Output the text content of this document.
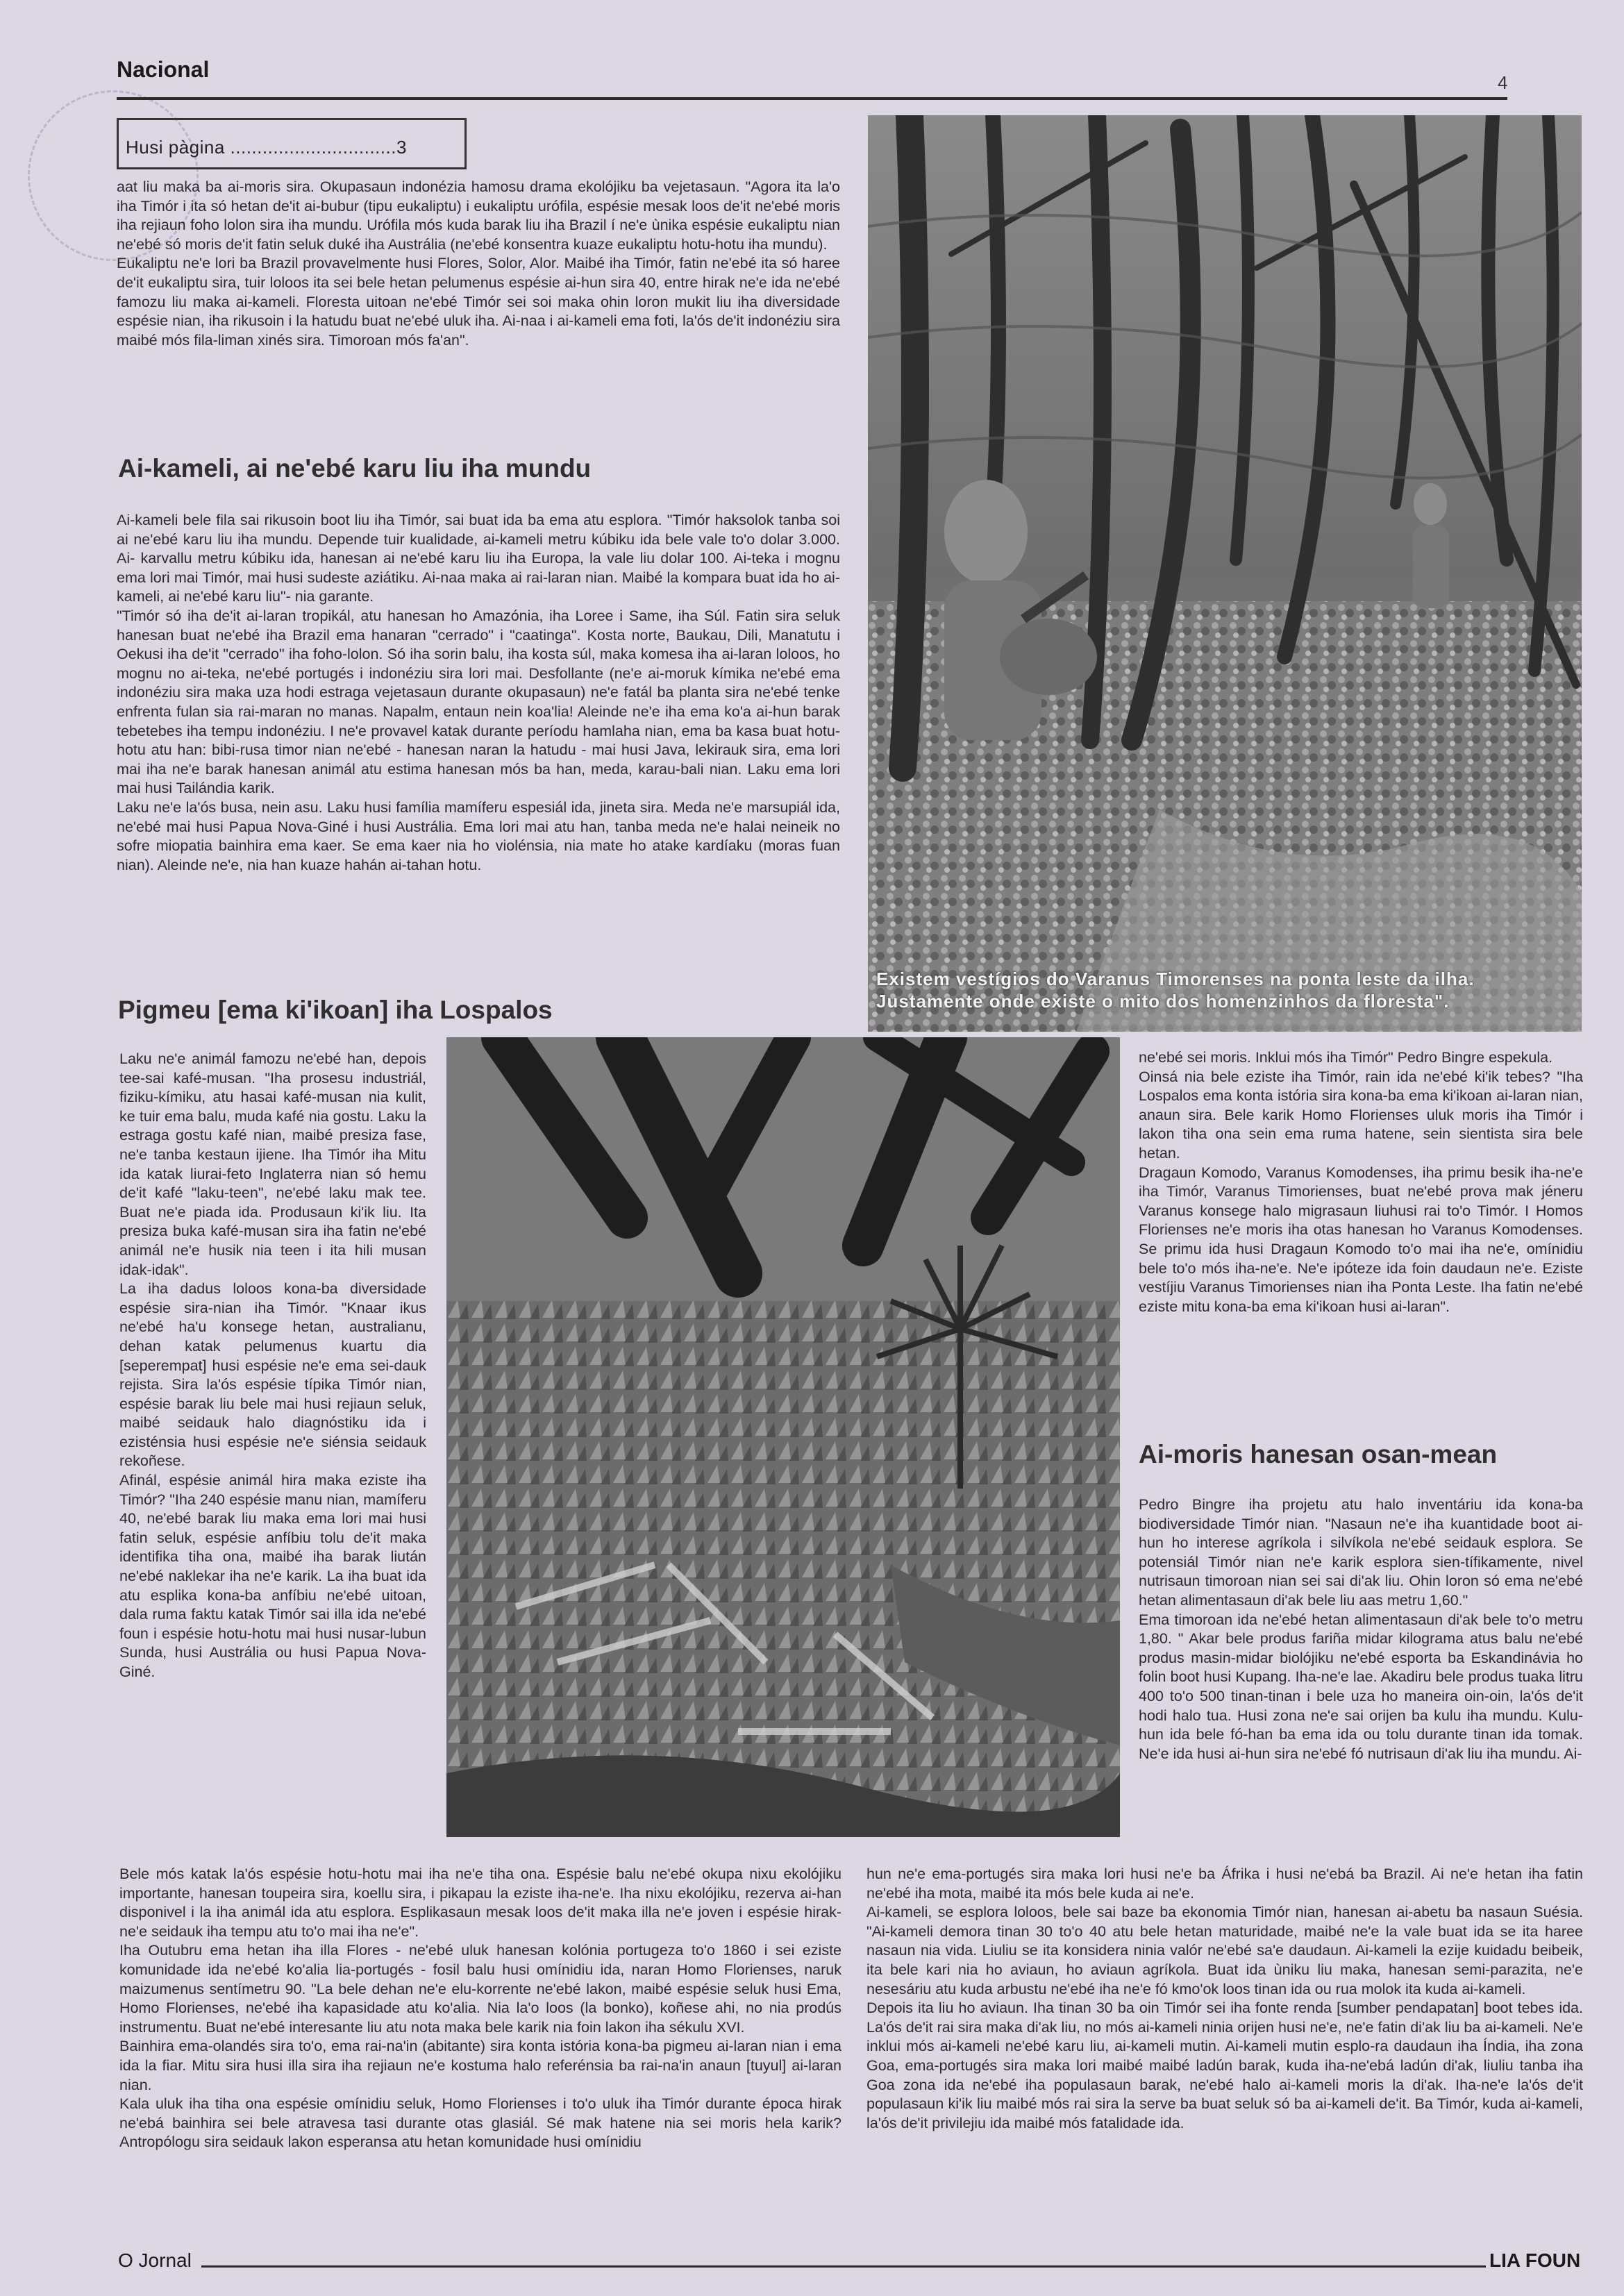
Nacional
4
Husi pàgina ...............................3

aat liu maka ba ai-moris sira. Okupasaun indonézia hamosu drama ekolójiku ba vejetasaun. "Agora ita la'o iha Timór i ita só hetan de'it ai-bubur (tipu eukaliptu) i eukaliptu urófila, espésie mesak loos de'it ne'ebé moris iha rejiaun foho lolon sira iha mundu. Urófila mós kuda barak liu iha Brazil í ne'e ùnika espésie eukaliptu nian ne'ebé só moris de'it fatin seluk duké iha Austrália (ne'ebé konsentra kuaze eukaliptu hotu-hotu iha mundu).

Eukaliptu ne'e lori ba Brazil provavelmente husi Flores, Solor, Alor. Maibé iha Timór, fatin ne'ebé ita só haree de'it eukaliptu sira, tuir loloos ita sei bele hetan pelumenus espésie ai-hun sira 40, entre hirak ne'e ida ne'ebé famozu liu maka ai-kameli. Floresta uitoan ne'ebé Timór sei soi maka ohin loron mukit liu iha diversidade espésie nian, iha rikusoin i la hatudu buat ne'ebé uluk iha. Ai-naa i ai-kameli ema foti, la'ós de'it indonéziu sira maibé mós fila-liman xinés sira. Timoroan mós fa'an".

Ai-kameli, ai ne'ebé karu liu iha mundu

Ai-kameli bele fila sai rikusoin boot liu iha Timór, sai buat ida ba ema atu esplora. "Timór haksolok tanba soi ai ne'ebé karu liu iha mundu. Depende tuir kualidade, ai-kameli metru kúbiku ida bele vale to'o dolar 3.000. Ai- karvallu metru kúbiku ida, hanesan ai ne'ebé karu liu iha Europa, la vale liu dolar 100. Ai-teka i mognu ema lori mai Timór, mai husi sudeste aziátiku. Ai-naa maka ai rai-laran nian. Maibé la kompara buat ida ho ai-kameli, ai ne'ebé karu liu"- nia garante.

"Timór só iha de'it ai-laran tropikál, atu hanesan ho Amazónia, iha Loree i Same, iha Súl. Fatin sira seluk hanesan buat ne'ebé iha Brazil ema hanaran "cerrado" i "caatinga". Kosta norte, Baukau, Dili, Manatutu i Oekusi iha de'it "cerrado" iha foho-lolon. Só iha sorin balu, iha kosta súl, maka komesa iha ai-laran loloos, ho mognu no ai-teka, ne'ebé portugés i indonéziu sira lori mai. Desfollante (ne'e ai-moruk kímika ne'ebé ema indonéziu sira maka uza hodi estraga vejetasaun durante okupasaun) ne'e fatál ba planta sira ne'ebé tenke enfrenta fulan sia rai-maran no manas. Napalm, entaun nein koa'lia! Aleinde ne'e iha ema ko'a ai-hun barak tebetebes iha tempu indonéziu. I ne'e provavel katak durante períodu hamlaha nian, ema ba kasa buat hotu-hotu atu han: bibi-rusa timor nian ne'ebé - hanesan naran la hatudu - mai husi Java, lekirauk sira, ema lori mai iha ne'e barak hanesan animál atu estima hanesan mós ba han, meda, karau-bali nian. Laku ema lori mai husi Tailándia karik.

Laku ne'e la'ós busa, nein asu. Laku husi família mamíferu espesiál ida, jineta sira. Meda ne'e marsupiál ida, ne'ebé mai husi Papua Nova-Giné i husi Austrália. Ema lori mai atu han, tanba meda ne'e halai neineik no sofre miopatia bainhira ema kaer. Se ema kaer nia ho violénsia, nia mate ho atake kardíaku (moras fuan nian). Aleinde ne'e, nia han kuaze hahán ai-tahan hotu.

Pigmeu [ema ki'ikoan] iha Lospalos

Laku ne'e animál famozu ne'ebé han, depois tee-sai kafé-musan. "Iha prosesu industriál, fiziku-kímiku, atu hasai kafé-musan nia kulit, ke tuir ema balu, muda kafé nia gostu. Laku la estraga gostu kafé nian, maibé presiza fase, ne'e tanba kestaun ijiene. Iha Timór iha Mitu ida katak liurai-feto Inglaterra nian só hemu de'it kafé "laku-teen", ne'ebé laku mak tee. Buat ne'e piada ida. Produsaun ki'ik liu. Ita presiza buka kafé-musan sira iha fatin ne'ebé animál ne'e husik nia teen i ita hili musan idak-idak".

La iha dadus loloos kona-ba diversidade espésie sira-nian iha Timór. "Knaar ikus ne'ebé ha'u konsege hetan, australianu, dehan katak pelumenus kuartu dia [seperempat] husi espésie ne'e ema sei-dauk rejista. Sira la'ós espésie típika Timór nian, espésie barak liu bele mai husi rejiaun seluk, maibé seidauk halo diagnóstiku ida i ezisténsia husi espésie ne'e siénsia seidauk rekoñese.

Afinál, espésie animál hira maka eziste iha Timór? "Iha 240 espésie manu nian, mamíferu 40, ne'ebé barak liu maka ema lori mai husi fatin seluk, espésie anfíbiu tolu de'it maka identifika tiha ona, maibé iha barak liután ne'ebé naklekar iha ne'e karik. La iha buat ida atu esplika kona-ba anfíbiu ne'ebé uitoan, dala ruma faktu katak Timór sai illa ida ne'ebé foun i espésie hotu-hotu mai husi nusar-lubun Sunda, husi Austrália ou husi Papua Nova-Giné.

Bele mós katak la'ós espésie hotu-hotu mai iha ne'e tiha ona. Espésie balu ne'ebé okupa nixu ekolójiku importante, hanesan toupeira sira, koellu sira, i pikapau la eziste iha-ne'e. Iha nixu ekolójiku, rezerva ai-han disponivel i la iha animál ida atu esplora. Esplikasaun mesak loos de'it maka illa ne'e joven i espésie hirak-ne'e seidauk iha tempu atu to'o mai iha ne'e".

Iha Outubru ema hetan iha illa Flores - ne'ebé uluk hanesan kolónia portugeza to'o 1860 i sei eziste komunidade ida ne'ebé ko'alia lia-portugés - fosil balu husi omínidiu ida, naran Homo Florienses, naruk maizumenus sentímetru 90. "La bele dehan ne'e elu-korrente ne'ebé lakon, maibé espésie seluk husi Ema, Homo Florienses, ne'ebé iha kapasidade atu ko'alia. Nia la'o loos (la bonko), koñese ahi, no nia prodús instrumentu. Buat ne'ebé interesante liu atu nota maka bele karik nia foin lakon iha sékulu XVI.

Bainhira ema-olandés sira to'o, ema rai-na'in (abitante) sira konta istória kona-ba pigmeu ai-laran nian i ema ida la fiar. Mitu sira husi illa sira iha rejiaun ne'e kostuma halo referénsia ba rai-na'in anaun [tuyul] ai-laran nian.

Kala uluk iha tiha ona espésie omínidiu seluk, Homo Florienses i to'o uluk iha Timór durante época hirak ne'ebá bainhira sei bele atravesa tasi durante otas glasiál. Sé mak hatene nia sei moris hela karik? Antropólogu sira seidauk lakon esperansa atu hetan komunidade husi omínidiu

ne'ebé sei moris. Inklui mós iha Timór" Pedro Bingre espekula.

Oinsá nia bele eziste iha Timór, rain ida ne'ebé ki'ik tebes? "Iha Lospalos ema konta istória sira kona-ba ema ki'ikoan ai-laran nian, anaun sira. Bele karik Homo Florienses uluk moris iha Timór i lakon tiha ona sein ema ruma hatene, sein sientista sira bele hetan.

Dragaun Komodo, Varanus Komodenses, iha primu besik iha-ne'e iha Timór, Varanus Timorienses, buat ne'ebé prova mak jéneru Varanus konsege halo migrasaun liuhusi rai to'o Timór. I Homos Florienses ne'e moris iha otas hanesan ho Varanus Komodenses. Se primu ida husi Dragaun Komodo to'o mai iha ne'e, omínidiu bele to'o mós iha-ne'e. Ne'e ipóteze ida foin daudaun ne'e. Eziste vestíjiu Varanus Timorienses nian iha Ponta Leste. Iha fatin ne'ebé eziste mitu kona-ba ema ki'ikoan husi ai-laran".

Ai-moris hanesan osan-mean

Pedro Bingre iha projetu atu halo inventáriu ida kona-ba biodiversidade Timór nian. "Nasaun ne'e iha kuantidade boot ai-hun ho interese agríkola i silvíkola ne'ebé seidauk esplora. Se potensiál Timór nian ne'e karik esplora sien-tífikamente, nivel nutrisaun timoroan nian sei sai di'ak liu. Ohin loron só ema ne'ebé hetan alimentasaun di'ak bele liu aas metru 1,60."

Ema timoroan ida ne'ebé hetan alimentasaun di'ak bele to'o metru 1,80. " Akar bele produs fariña midar kilograma atus balu ne'ebé produs masin-midar biolójiku ne'ebé esporta ba Eskandinávia ho folin boot husi Kupang. Iha-ne'e lae. Akadiru bele produs tuaka litru 400 to'o 500 tinan-tinan i bele uza ho maneira oin-oin, la'ós de'it hodi halo tua. Husi zona ne'e sai orijen ba kulu iha mundu. Kulu-hun ida bele fó-han ba ema ida ou tolu durante tinan ida tomak. Ne'e ida husi ai-hun sira ne'ebé fó nutrisaun di'ak liu iha mundu. Ai-

hun ne'e ema-portugés sira maka lori husi ne'e ba Áfrika i husi ne'ebá ba Brazil. Ai ne'e hetan iha fatin ne'ebé iha mota, maibé ita mós bele kuda ai ne'e.

Ai-kameli, se esplora loloos, bele sai baze ba ekonomia Timór nian, hanesan ai-abetu ba nasaun Suésia. "Ai-kameli demora tinan 30 to'o 40 atu bele hetan maturidade, maibé ne'e la vale buat ida se ita haree nasaun nia vida. Liuliu se ita konsidera ninia valór ne'ebé sa'e daudaun. Ai-kameli la ezije kuidadu beibeik, ita bele kari nia ho aviaun, ho aviaun agríkola. Buat ida ùniku liu maka, hanesan semi-parazita, ne'e nesesáriu atu kuda arbustu ne'ebé iha ne'e fó kmo'ok loos tinan ida ou rua molok ita kuda ai-kameli.

Depois ita liu ho aviaun. Iha tinan 30 ba oin Timór sei iha fonte renda [sumber pendapatan] boot tebes ida. La'ós de'it rai sira maka di'ak liu, no mós ai-kameli ninia orijen husi ne'e, ne'e fatin di'ak liu ba ai-kameli. Ne'e inklui mós ai-kameli ne'ebé karu liu, ai-kameli mutin. Ai-kameli mutin esplo-ra daudaun iha Índia, iha zona Goa, ema-portugés sira maka lori maibé maibé ladún barak, kuda iha-ne'ebá ladún di'ak, liuliu tanba iha Goa zona ida ne'ebé iha populasaun barak, ne'ebé halo ai-kameli moris la di'ak. Iha-ne'e la'ós de'it populasaun ki'ik liu maibé mós rai sira la serve ba buat seluk só ba ai-kameli de'it. Ba Timór, kuda ai-kameli, la'ós de'it privilejiu ida maibé mós fatalidade ida.

Existem vestígios do Varanus Timorenses na ponta leste da ilha. Justamente onde existe o mito dos homenzinhos da floresta".
O Jornal	LIA FOUN
